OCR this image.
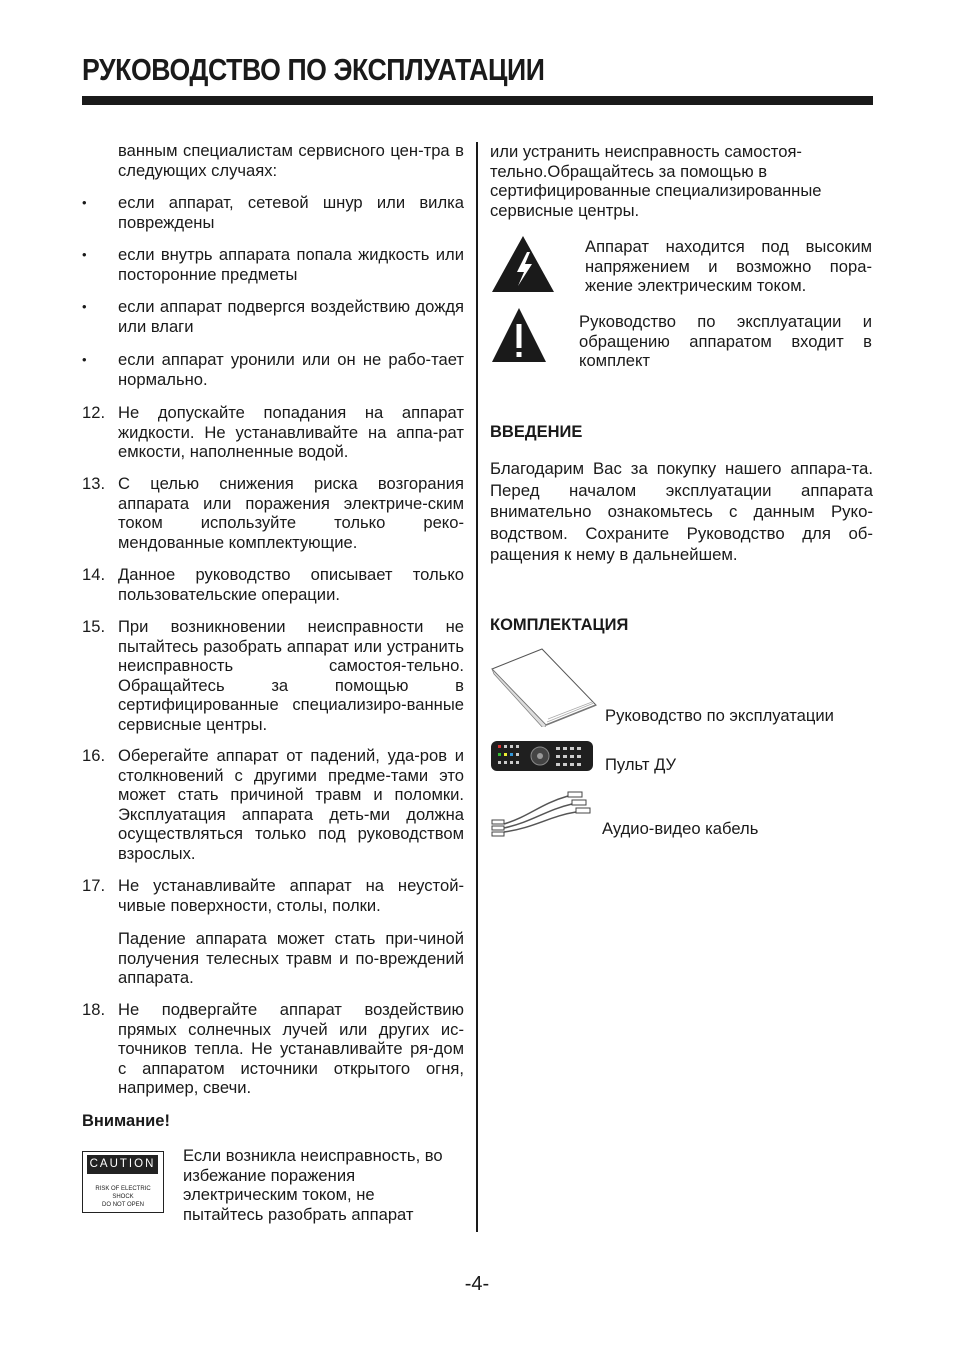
РУКОВОДСТВО ПО ЭКСПЛУАТАЦИИ
ванным специалистам сервисного цен-тра в следующих случаях:
• если аппарат, сетевой шнур или вилка повреждены
• если внутрь аппарата попала жидкость или посторонние предметы
• если аппарат подвергся воздействию дождя или влаги
• если аппарат уронили или он не рабо-тает нормально.
12. Не допускайте попадания на аппарат жидкости. Не устанавливайте на аппа-рат емкости, наполненные водой.
13. С целью снижения риска возгорания аппарата или поражения электриче-ским током используйте только реко-мендованные комплектующие.
14. Данное руководство описывает только пользовательские операции.
15. При возникновении неисправности не пытайтесь разобрать аппарат или устранить неисправность самостоя-тельно. Обращайтесь за помощью в сертифицированные специализиро-ванные сервисные центры.
16. Оберегайте аппарат от падений, уда-ров и столкновений с другими предме-тами это может стать причиной травм и поломки. Эксплуатация аппарата деть-ми должна осуществляться только под руководством взрослых.
17. Не устанавливайте аппарат на неустой-чивые поверхности, столы, полки.
Падение аппарата может стать при-чиной получения телесных травм и по-вреждений аппарата.
18. Не подвергайте аппарат воздействию прямых солнечных лучей или других ис-точников тепла. Не устанавливайте ря-дом с аппаратом источники открытого огня, например, свечи.
Внимание!
CAUTION
RISK OF ELECTRIC SHOCK
DO NOT OPEN
Если возникла неисправность, во избежание поражения электрическим током, не пытайтесь разобрать аппарат
или устранить неисправность самостоя-тельно.Обращайтесь за помощью в сертифицированные специализированные сервисные центры.
Аппарат находится под высоким напряжением и возможно пора-жение электрическим током.
Руководство по эксплуатации и обращению аппаратом входит в комплект
ВВЕДЕНИЕ
Благодарим Вас за покупку нашего аппара-та. Перед началом эксплуатации аппарата внимательно ознакомьтесь с данным Руко-водством. Сохраните Руководство для об-ращения к нему в дальнейшем.
КОМПЛЕКТАЦИЯ
Руководство по эксплуатации
Пульт ДУ
Аудио-видео кабель
-4-
